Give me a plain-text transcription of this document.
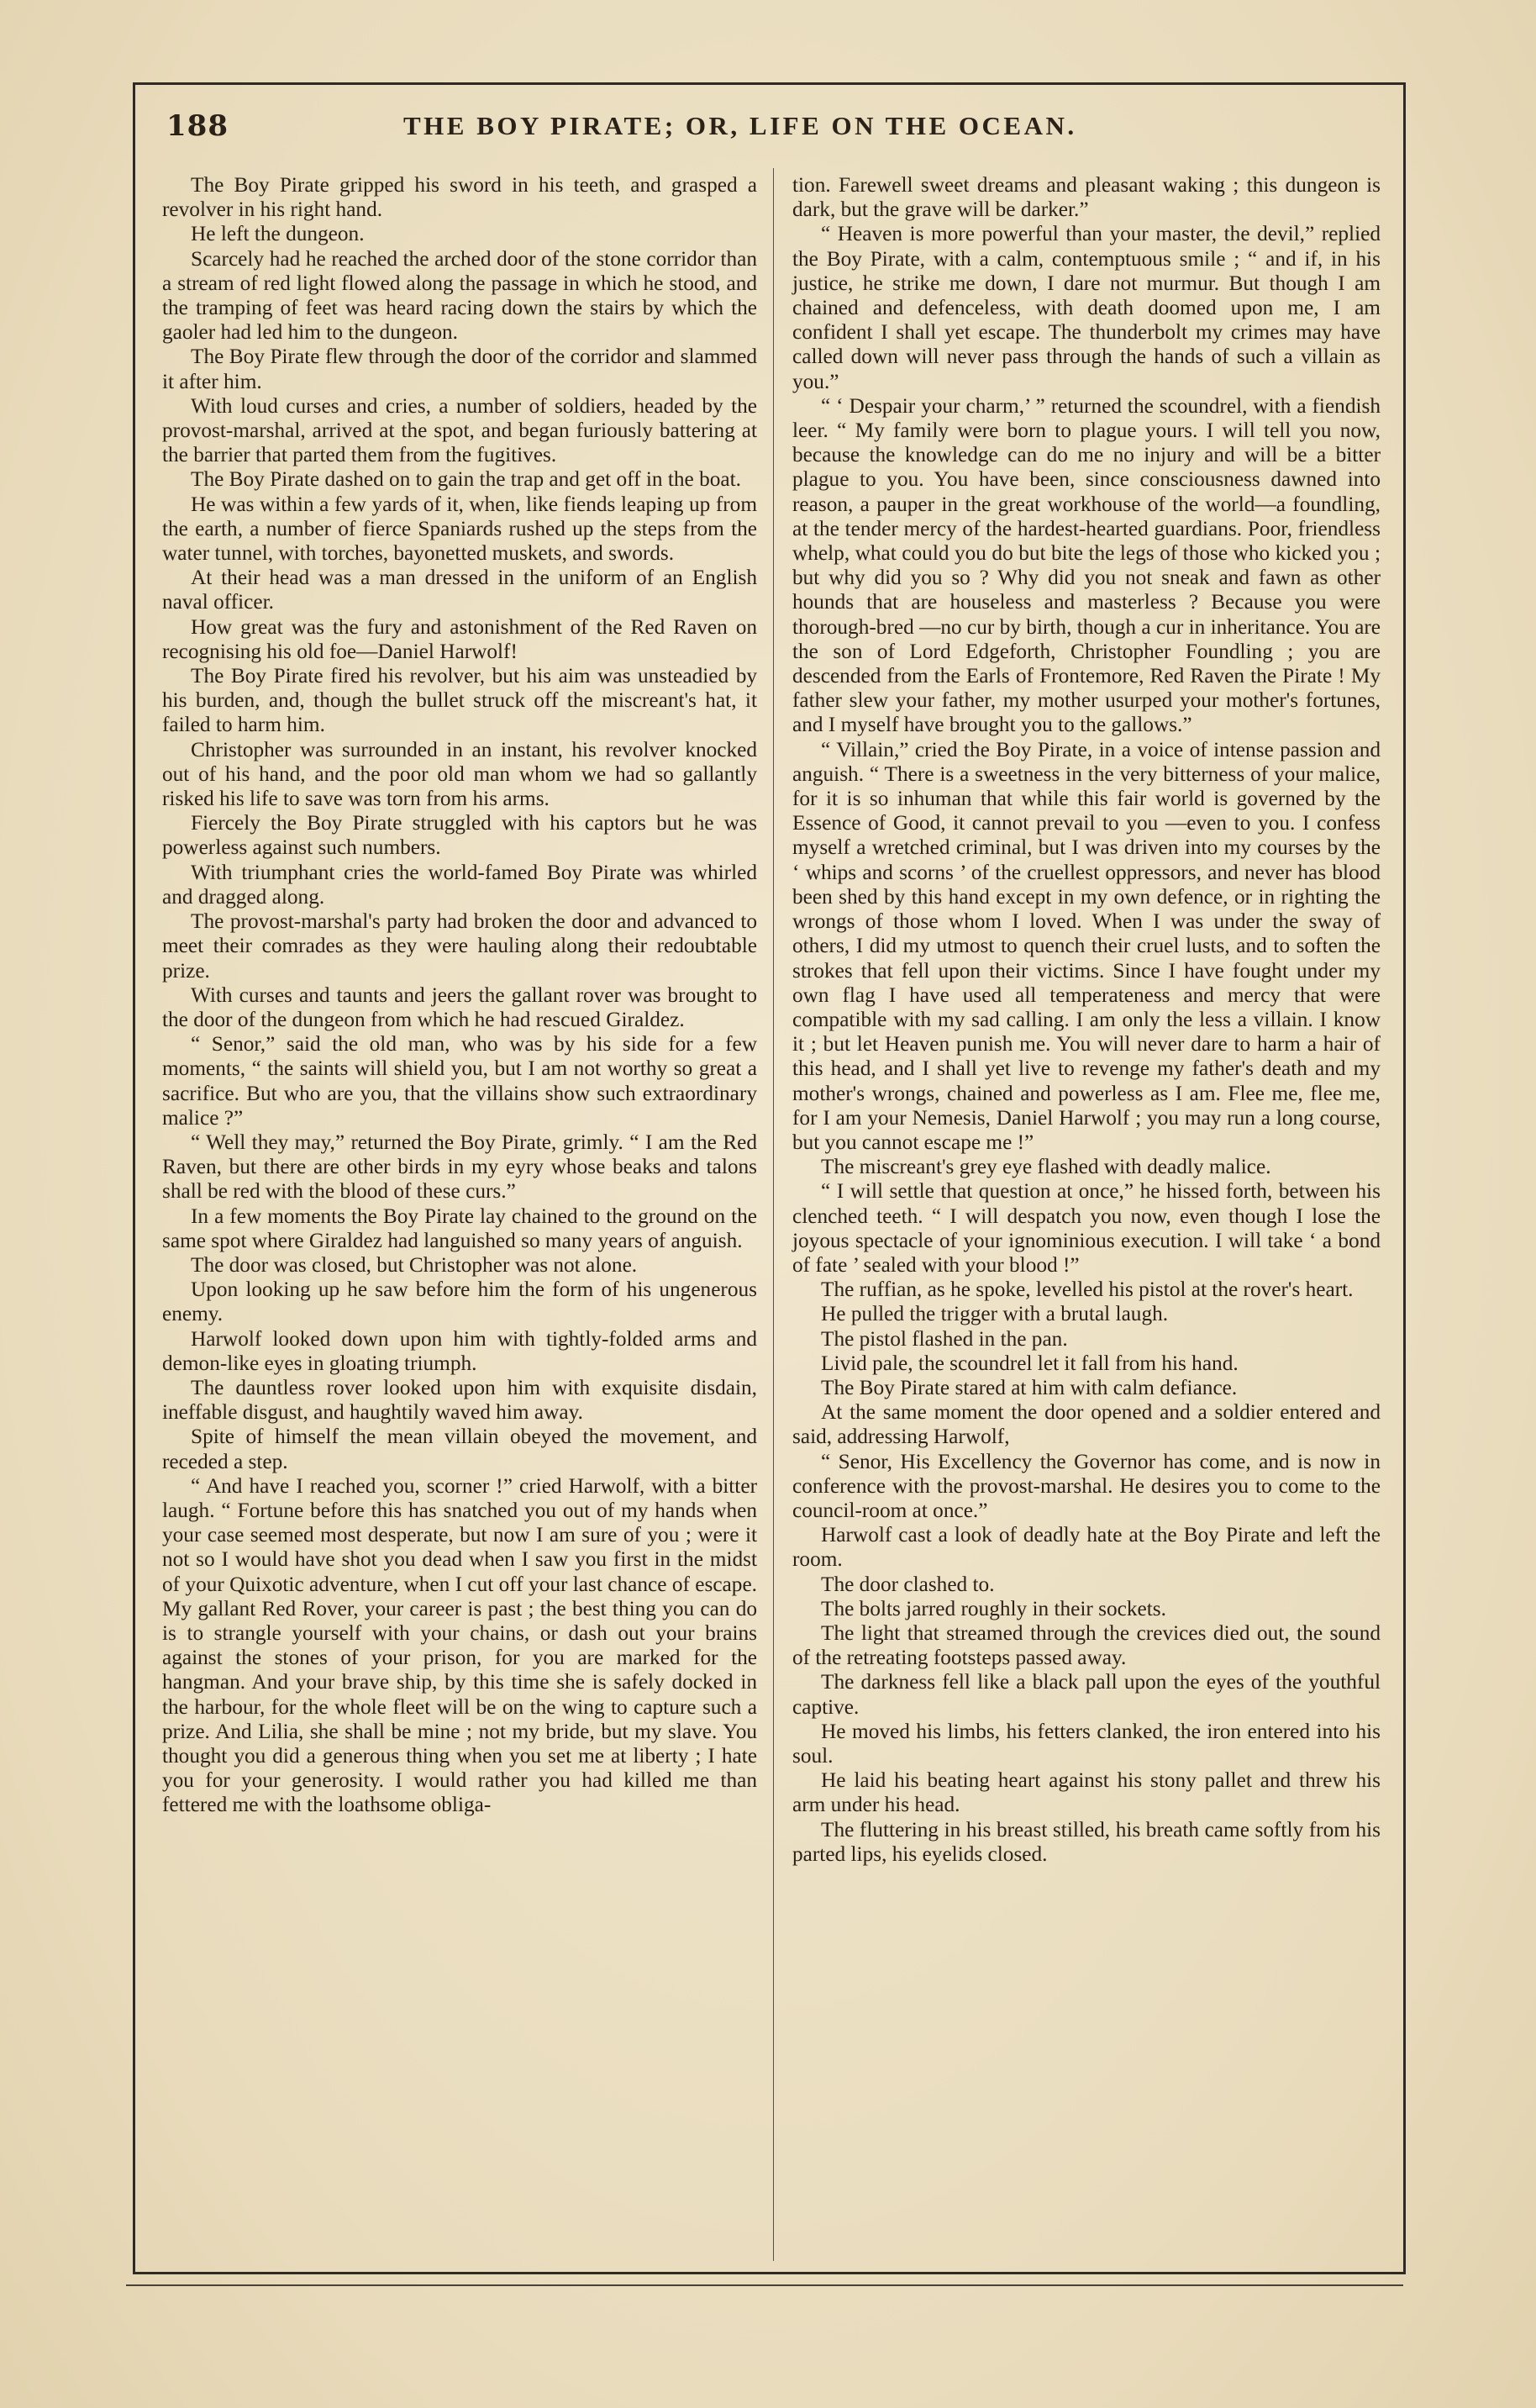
188	THE BOY PIRATE; OR, LIFE ON THE OCEAN.

The Boy Pirate gripped his sword in his teeth, and grasped a revolver in his right hand.

He left the dungeon.

Scarcely had he reached the arched door of the stone corridor than a stream of red light flowed along the passage in which he stood, and the tramping of feet was heard racing down the stairs by which the gaoler had led him to the dungeon.

The Boy Pirate flew through the door of the corridor and slammed it after him.

With loud curses and cries, a number of soldiers, headed by the provost-marshal, arrived at the spot, and began furiously battering at the barrier that parted them from the fugitives.

The Boy Pirate dashed on to gain the trap and get off in the boat.

He was within a few yards of it, when, like fiends leaping up from the earth, a number of fierce Spaniards rushed up the steps from the water tunnel, with torches, bayonetted muskets, and swords.

At their head was a man dressed in the uniform of an English naval officer.

How great was the fury and astonishment of the Red Raven on recognising his old foe—Daniel Harwolf!

The Boy Pirate fired his revolver, but his aim was unsteadied by his burden, and, though the bullet struck off the miscreant's hat, it failed to harm him.

Christopher was surrounded in an instant, his revolver knocked out of his hand, and the poor old man whom we had so gallantly risked his life to save was torn from his arms.

Fiercely the Boy Pirate struggled with his captors but he was powerless against such numbers.

With triumphant cries the world-famed Boy Pirate was whirled and dragged along.

The provost-marshal's party had broken the door and advanced to meet their comrades as they were hauling along their redoubtable prize.

With curses and taunts and jeers the gallant rover was brought to the door of the dungeon from which he had rescued Giraldez.

“ Senor,” said the old man, who was by his side for a few moments, “ the saints will shield you, but I am not worthy so great a sacrifice. But who are you, that the villains show such extraordinary malice ?”

“ Well they may,” returned the Boy Pirate, grimly. “ I am the Red Raven, but there are other birds in my eyry whose beaks and talons shall be red with the blood of these curs.”

In a few moments the Boy Pirate lay chained to the ground on the same spot where Giraldez had languished so many years of anguish.

The door was closed, but Christopher was not alone.

Upon looking up he saw before him the form of his ungenerous enemy.

Harwolf looked down upon him with tightly-folded arms and demon-like eyes in gloating triumph.

The dauntless rover looked upon him with exquisite disdain, ineffable disgust, and haughtily waved him away.

Spite of himself the mean villain obeyed the movement, and receded a step.

“ And have I reached you, scorner !” cried Harwolf, with a bitter laugh. “ Fortune before this has snatched you out of my hands when your case seemed most desperate, but now I am sure of you ; were it not so I would have shot you dead when I saw you first in the midst of your Quixotic adventure, when I cut off your last chance of escape. My gallant Red Rover, your career is past ; the best thing you can do is to strangle yourself with your chains, or dash out your brains against the stones of your prison, for you are marked for the hangman. And your brave ship, by this time she is safely docked in the harbour, for the whole fleet will be on the wing to capture such a prize. And Lilia, she shall be mine ; not my bride, but my slave. You thought you did a generous thing when you set me at liberty ; I hate you for your generosity. I would rather you had killed me than fettered me with the loathsome obliga-

tion. Farewell sweet dreams and pleasant waking ; this dungeon is dark, but the grave will be darker.”

“ Heaven is more powerful than your master, the devil,” replied the Boy Pirate, with a calm, contemptuous smile ; “ and if, in his justice, he strike me down, I dare not murmur. But though I am chained and defenceless, with death doomed upon me, I am confident I shall yet escape. The thunderbolt my crimes may have called down will never pass through the hands of such a villain as you.”

“ ‘ Despair your charm,’ ” returned the scoundrel, with a fiendish leer. “ My family were born to plague yours. I will tell you now, because the knowledge can do me no injury and will be a bitter plague to you. You have been, since consciousness dawned into reason, a pauper in the great workhouse of the world—a foundling, at the tender mercy of the hardest-hearted guardians. Poor, friendless whelp, what could you do but bite the legs of those who kicked you ; but why did you so ? Why did you not sneak and fawn as other hounds that are houseless and masterless ? Because you were thorough-bred —no cur by birth, though a cur in inheritance. You are the son of Lord Edgeforth, Christopher Foundling ; you are descended from the Earls of Frontemore, Red Raven the Pirate ! My father slew your father, my mother usurped your mother's fortunes, and I myself have brought you to the gallows.”

“ Villain,” cried the Boy Pirate, in a voice of intense passion and anguish. “ There is a sweetness in the very bitterness of your malice, for it is so inhuman that while this fair world is governed by the Essence of Good, it cannot prevail to you —even to you. I confess myself a wretched criminal, but I was driven into my courses by the ‘ whips and scorns ’ of the cruellest oppressors, and never has blood been shed by this hand except in my own defence, or in righting the wrongs of those whom I loved. When I was under the sway of others, I did my utmost to quench their cruel lusts, and to soften the strokes that fell upon their victims. Since I have fought under my own flag I have used all temperateness and mercy that were compatible with my sad calling. I am only the less a villain. I know it ; but let Heaven punish me. You will never dare to harm a hair of this head, and I shall yet live to revenge my father's death and my mother's wrongs, chained and powerless as I am. Flee me, flee me, for I am your Nemesis, Daniel Harwolf ; you may run a long course, but you cannot escape me !”

The miscreant's grey eye flashed with deadly malice.

“ I will settle that question at once,” he hissed forth, between his clenched teeth. “ I will despatch you now, even though I lose the joyous spectacle of your ignominious execution. I will take ‘ a bond of fate ’ sealed with your blood !”

The ruffian, as he spoke, levelled his pistol at the rover's heart.

He pulled the trigger with a brutal laugh.

The pistol flashed in the pan.

Livid pale, the scoundrel let it fall from his hand.

The Boy Pirate stared at him with calm defiance.

At the same moment the door opened and a soldier entered and said, addressing Harwolf,

“ Senor, His Excellency the Governor has come, and is now in conference with the provost-marshal. He desires you to come to the council-room at once.”

Harwolf cast a look of deadly hate at the Boy Pirate and left the room.

The door clashed to.

The bolts jarred roughly in their sockets.

The light that streamed through the crevices died out, the sound of the retreating footsteps passed away.

The darkness fell like a black pall upon the eyes of the youthful captive.

He moved his limbs, his fetters clanked, the iron entered into his soul.

He laid his beating heart against his stony pallet and threw his arm under his head.

The fluttering in his breast stilled, his breath came softly from his parted lips, his eyelids closed.
